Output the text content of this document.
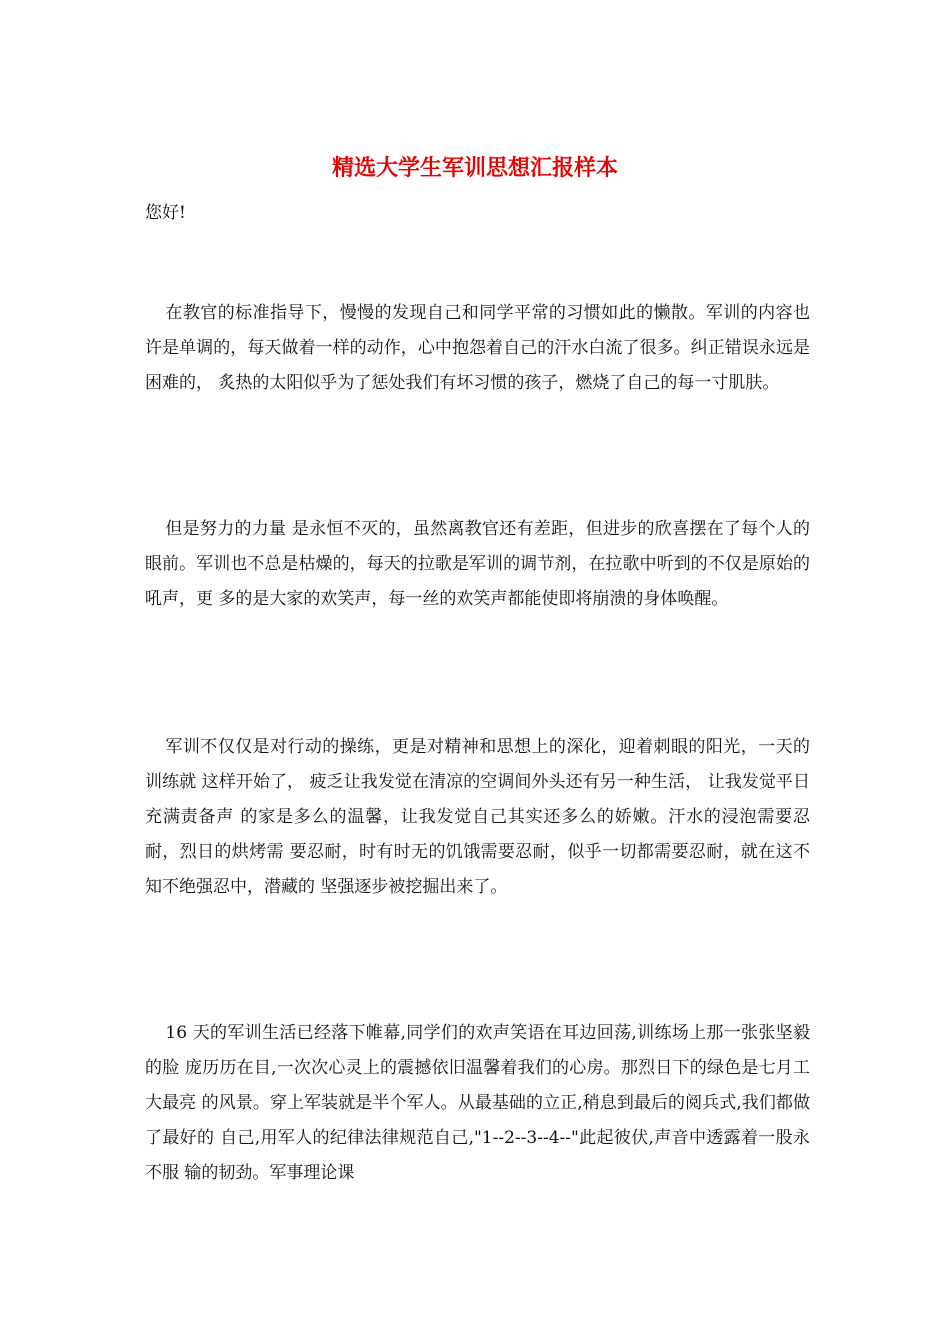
精选大学生军训思想汇报样本

您好!

在教官的标准指导下，慢慢的发现自己和同学平常的习惯如此的懒散。军训的内容也许是单调的，每天做着一样的动作，心中抱怨着自己的汗水白流了很多。纠正错误永远是困难的， 炙热的太阳似乎为了惩处我们有坏习惯的孩子，燃烧了自己的每一寸肌肤。

但是努力的力量 是永恒不灭的，虽然离教官还有差距，但进步的欣喜摆在了每个人的眼前。军训也不总是枯燥的，每天的拉歌是军训的调节剂，在拉歌中听到的不仅是原始的吼声，更 多的是大家的欢笑声，每一丝的欢笑声都能使即将崩溃的身体唤醒。

军训不仅仅是对行动的操练，更是对精神和思想上的深化，迎着刺眼的阳光，一天的训练就 这样开始了， 疲乏让我发觉在清凉的空调间外头还有另一种生活， 让我发觉平日充满责备声 的家是多么的温馨，让我发觉自己其实还多么的娇嫩。汗水的浸泡需要忍耐，烈日的烘烤需 要忍耐，时有时无的饥饿需要忍耐，似乎一切都需要忍耐，就在这不知不绝强忍中，潜藏的 坚强逐步被挖掘出来了。

16 天的军训生活已经落下帷幕,同学们的欢声笑语在耳边回荡,训练场上那一张张坚毅的脸 庞历历在目,一次次心灵上的震撼依旧温馨着我们的心房。那烈日下的绿色是七月工大最亮 的风景。穿上军装就是半个军人。从最基础的立正,稍息到最后的阅兵式,我们都做了最好的 自己,用军人的纪律法律规范自己,"1--2--3--4--"此起彼伏,声音中透露着一股永不服 输的韧劲。军事理论课
